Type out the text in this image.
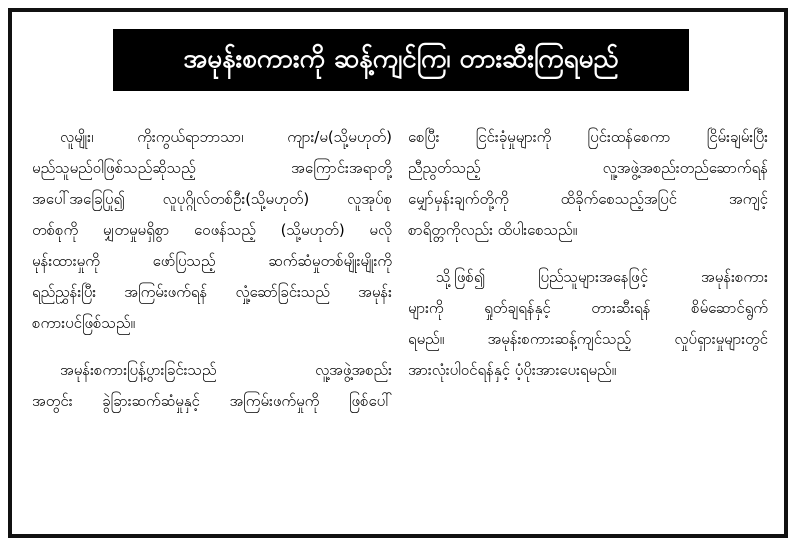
အမုန်းစကားကို ဆန့်ကျင်ကြ၊ တားဆီးကြရမည်
လူမျိုး၊ ကိုးကွယ်ရာဘာသာ၊ ကျား/မ(သို့မဟုတ်)
မည်သူမည်ဝါဖြစ်သည်ဆိုသည့် အကြောင်းအရာတို့
အပေါ်အခြေပြု၍ လူပုဂ္ဂိုလ်တစ်ဦး(သို့မဟုတ်) လူအုပ်စု
တစ်စုကို မျှတမှုမရှိစွာ ဝေဖန်သည့် (သို့မဟုတ်) မလို
မုန်းထားမှုကို ဖော်ပြသည့် ဆက်ဆံမှုတစ်မျိုးမျိုးကို
ရည်ညွှန်းပြီး အကြမ်းဖက်ရန် လှုံ့ဆော်ခြင်းသည် အမုန်း
စကားပင်ဖြစ်သည်။
အမုန်းစကားပြန့်ပွားခြင်းသည် လူ့အဖွဲ့အစည်း
အတွင်း ခွဲခြားဆက်ဆံမှုနှင့် အကြမ်းဖက်မှုကို ဖြစ်ပေါ်
စေပြီး ငြင်းခုံမှုများကို ပြင်းထန်စေကာ ငြိမ်းချမ်းပြီး
ညီညွတ်သည့် လူ့အဖွဲ့အစည်းတည်ဆောက်ရန်
မျှော်မှန်းချက်တို့ကို ထိခိုက်စေသည့်အပြင် အကျင့်
စာရိတ္တကိုလည်း ထိပါးစေသည်။
သို့ဖြစ်၍ ပြည်သူများအနေဖြင့် အမုန်းစကား
များကို ရှုတ်ချရန်နှင့် တားဆီးရန် စိမ်ဆောင်ရွက်
ရမည်။ အမုန်းစကားဆန့်ကျင်သည့် လှုပ်ရှားမှုများတွင်
အားလုံးပါဝင်ရန်နှင့် ပံ့ပိုးအားပေးရမည်။
